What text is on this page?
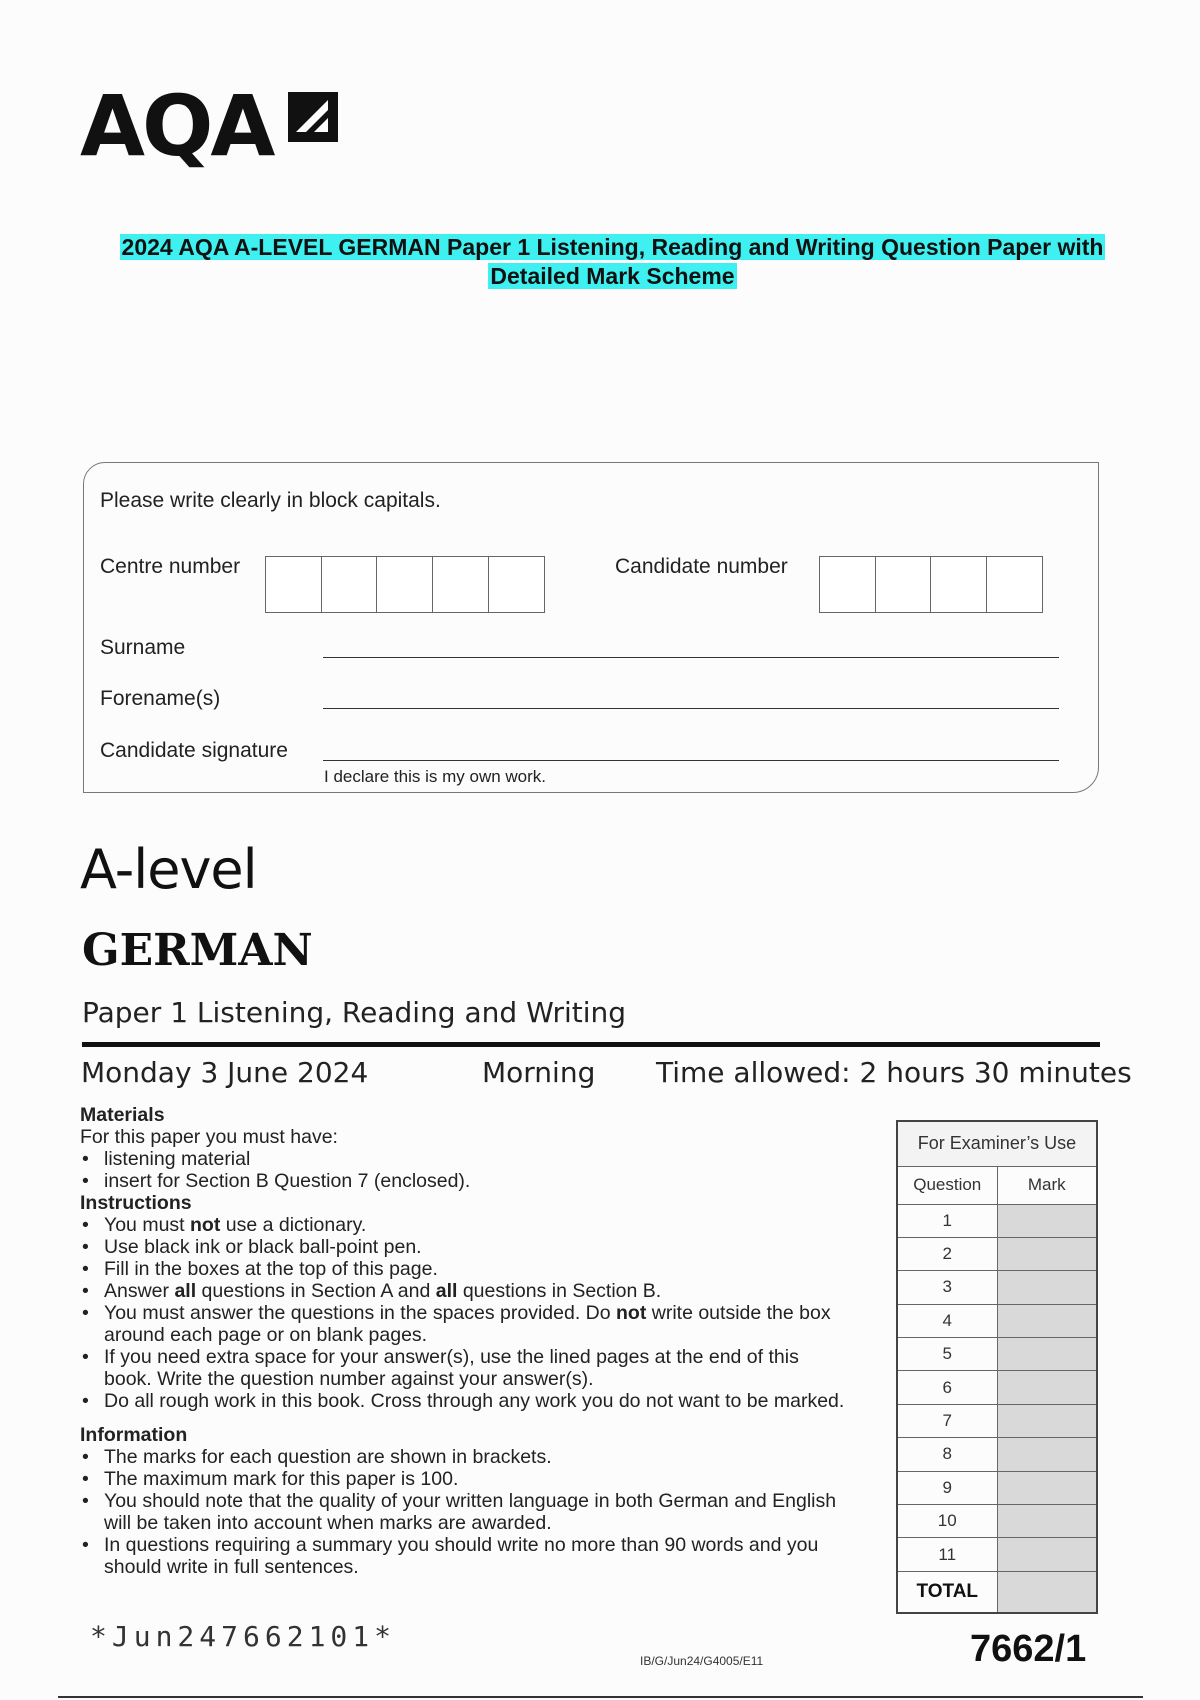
AQA
2024 AQA A-LEVEL GERMAN Paper 1 Listening, Reading and Writing Question Paper with Detailed Mark Scheme
Please write clearly in block capitals.
Centre number	Candidate number
Surname
Forename(s)
Candidate signature
I declare this is my own work.
A-level
GERMAN
Paper 1 Listening, Reading and Writing
Monday 3 June 2024	Morning Time allowed: 2 hours 30 minutes
Materials

For this paper you must have:

• listening material
• insert for Section B Question 7 (enclosed).
Instructions
• You must not use a dictionary.
• Use black ink or black ball-point pen.
• Fill in the boxes at the top of this page.
• Answer all questions in Section A and all questions in Section B.
• You must answer the questions in the spaces provided. Do not write outside the box around each page or on blank pages.
• If you need extra space for your answer(s), use the lined pages at the end of this book. Write the question number against your answer(s).
• Do all rough work in this book. Cross through any work you do not want to be marked.
Information
• The marks for each question are shown in brackets.
• The maximum mark for this paper is 100.
• You should note that the quality of your written language in both German and English will be taken into account when marks are awarded.
• In questions requiring a summary you should write no more than 90 words and you should write in full sentences.
For Examiner’s Use	
Question	Mark
1	
2	
3	
4	
5	
6	
7	
8	
9	
10	
11	
TOTAL	
*Jun247662101*
IB/G/Jun24/G4005/E11	7662/1
